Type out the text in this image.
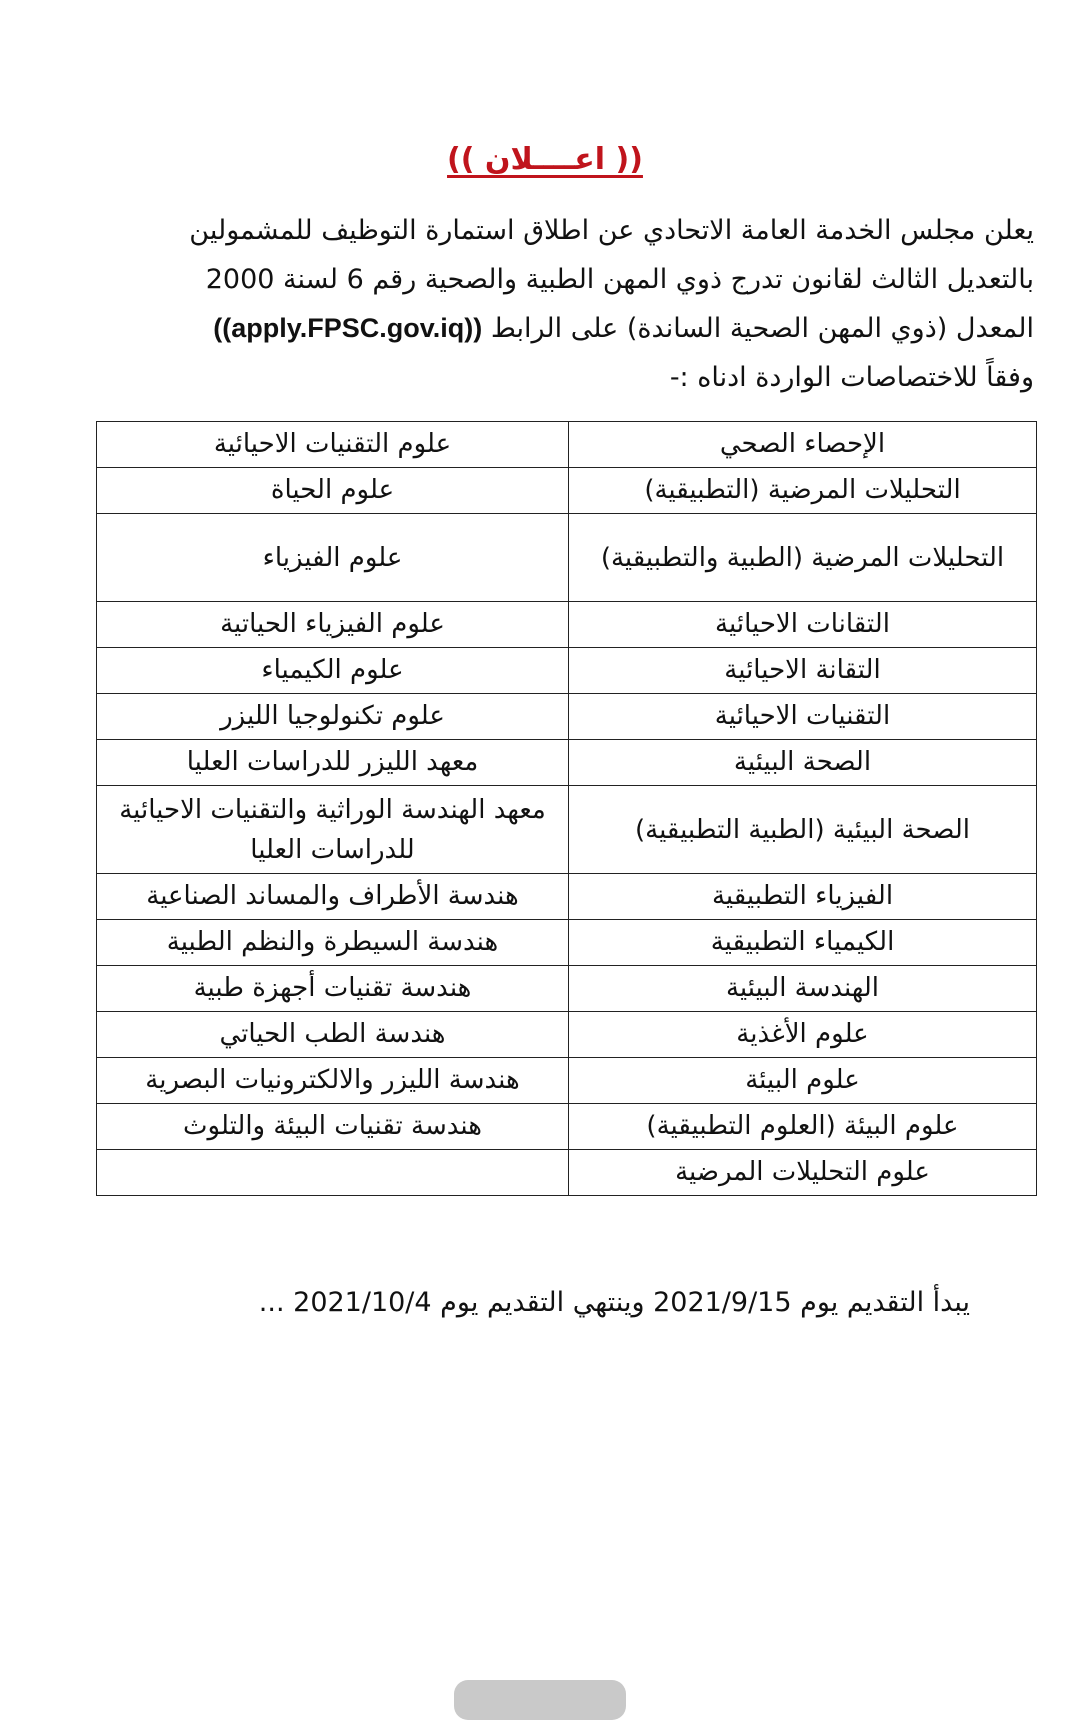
(( اعــــلان ))

يعلن مجلس الخدمة العامة الاتحادي عن اطلاق استمارة التوظيف للمشمولين

بالتعديل الثالث لقانون تدرج ذوي المهن الطبية والصحية رقم 6 لسنة 2000

المعدل (ذوي المهن الصحية الساندة) على الرابط ((apply.FPSC.gov.iq))

وفقاً للاختصاصات الواردة ادناه :-

الإحصاء الصحي	علوم التقنيات الاحيائية
التحليلات المرضية (التطبيقية)	علوم الحياة
التحليلات المرضية (الطبية والتطبيقية)	علوم الفيزياء
التقانات الاحيائية	علوم الفيزياء الحياتية
التقانة الاحيائية	علوم الكيمياء
التقنيات الاحيائية	علوم تكنولوجيا الليزر
الصحة البيئية	معهد الليزر للدراسات العليا
الصحة البيئية (الطبية التطبيقية)	معهد الهندسة الوراثية والتقنيات الاحيائية للدراسات العليا
الفيزياء التطبيقية	هندسة الأطراف والمساند الصناعية
الكيمياء التطبيقية	هندسة السيطرة والنظم الطبية
الهندسة البيئية	هندسة تقنيات أجهزة طبية
علوم الأغذية	هندسة الطب الحياتي
علوم البيئة	هندسة الليزر والالكترونيات البصرية
علوم البيئة (العلوم التطبيقية)	هندسة تقنيات البيئة والتلوث
علوم التحليلات المرضية	
يبدأ التقديم يوم 2021/9/15 وينتهي التقديم يوم 2021/10/4 ...
